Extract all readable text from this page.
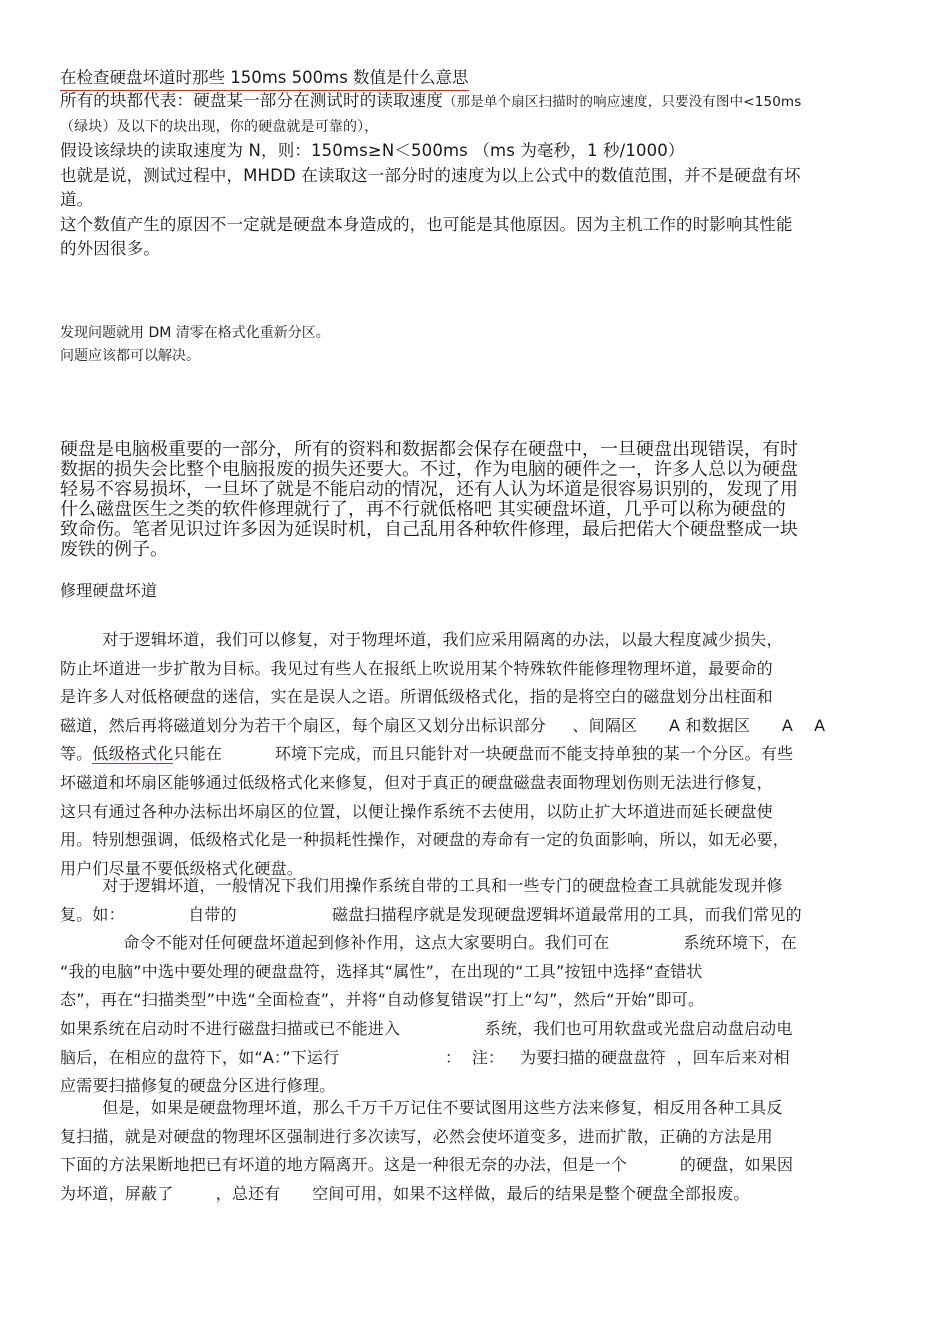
在检查硬盘坏道时那些 150ms 500ms 数值是什么意思
所有的块都代表：硬盘某一部分在测试时的读取速度（那是单个扇区扫描时的响应速度，只要没有图中<150ms
（绿块）及以下的块出现，你的硬盘就是可靠的），
假设该绿块的读取速度为 N，则：150ms≥N＜500ms （ms 为毫秒，1 秒/1000）
也就是说，测试过程中，MHDD 在读取这一部分时的速度为以上公式中的数值范围，并不是硬盘有坏
道。
这个数值产生的原因不一定就是硬盘本身造成的，也可能是其他原因。因为主机工作的时影响其性能
的外因很多。
发现问题就用 DM 清零在格式化重新分区。
问题应该都可以解决。
硬盘是电脑极重要的一部分，所有的资料和数据都会保存在硬盘中，一旦硬盘出现错误，有时
数据的损失会比整个电脑报废的损失还要大。不过，作为电脑的硬件之一，许多人总以为硬盘
轻易不容易损坏，一旦坏了就是不能启动的情况，还有人认为坏道是很容易识别的，发现了用
什么磁盘医生之类的软件修理就行了，再不行就低格吧 其实硬盘坏道，几乎可以称为硬盘的
致命伤。笔者见识过许多因为延误时机，自己乱用各种软件修理，最后把偌大个硬盘整成一块
废铁的例子。
修理硬盘坏道
对于逻辑坏道，我们可以修复，对于物理坏道，我们应采用隔离的办法，以最大程度减少损失，
防止坏道进一步扩散为目标。我见过有些人在报纸上吹说用某个特殊软件能修理物理坏道，最要命的
是许多人对低格硬盘的迷信，实在是误人之语。所谓低级格式化，指的是将空白的磁盘划分出柱面和
磁道，然后再将磁道划分为若干个扇区，每个扇区又划分出标识部分     、间隔区      A 和数据区      A    A
等。低级格式化只能在          环境下完成，而且只能针对一块硬盘而不能支持单独的某一个分区。有些
坏磁道和坏扇区能够通过低级格式化来修复，但对于真正的硬盘磁盘表面物理划伤则无法进行修复，
这只有通过各种办法标出坏扇区的位置，以便让操作系统不去使用，以防止扩大坏道进而延长硬盘使
用。特别想强调，低级格式化是一种损耗性操作，对硬盘的寿命有一定的负面影响，所以，如无必要，
用户们尽量不要低级格式化硬盘。
对于逻辑坏道，一般情况下我们用操作系统自带的工具和一些专门的硬盘检查工具就能发现并修
复。如：            自带的                  磁盘扫描程序就是发现硬盘逻辑坏道最常用的工具，而我们常见的
命令不能对任何硬盘坏道起到修补作用，这点大家要明白。我们可在              系统环境下，在
“我的电脑”中选中要处理的硬盘盘符，选择其“属性”，在出现的“工具”按钮中选择“查错状
态”，再在“扫描类型”中选“全面检查”，并将“自动修复错误”打上“勾”，然后“开始”即可。
如果系统在启动时不进行磁盘扫描或已不能进入                系统，我们也可用软盘或光盘启动盘启动电
脑后，在相应的盘符下，如“A：”下运行                    ：  注：   为要扫描的硬盘盘符  ，回车后来对相
应需要扫描修复的硬盘分区进行修理。
但是，如果是硬盘物理坏道，那么千万千万记住不要试图用这些方法来修复，相反用各种工具反
复扫描，就是对硬盘的物理坏区强制进行多次读写，必然会使坏道变多，进而扩散，正确的方法是用
下面的方法果断地把已有坏道的地方隔离开。这是一种很无奈的办法，但是一个          的硬盘，如果因
为坏道，屏蔽了        ，总还有      空间可用，如果不这样做，最后的结果是整个硬盘全部报废。
